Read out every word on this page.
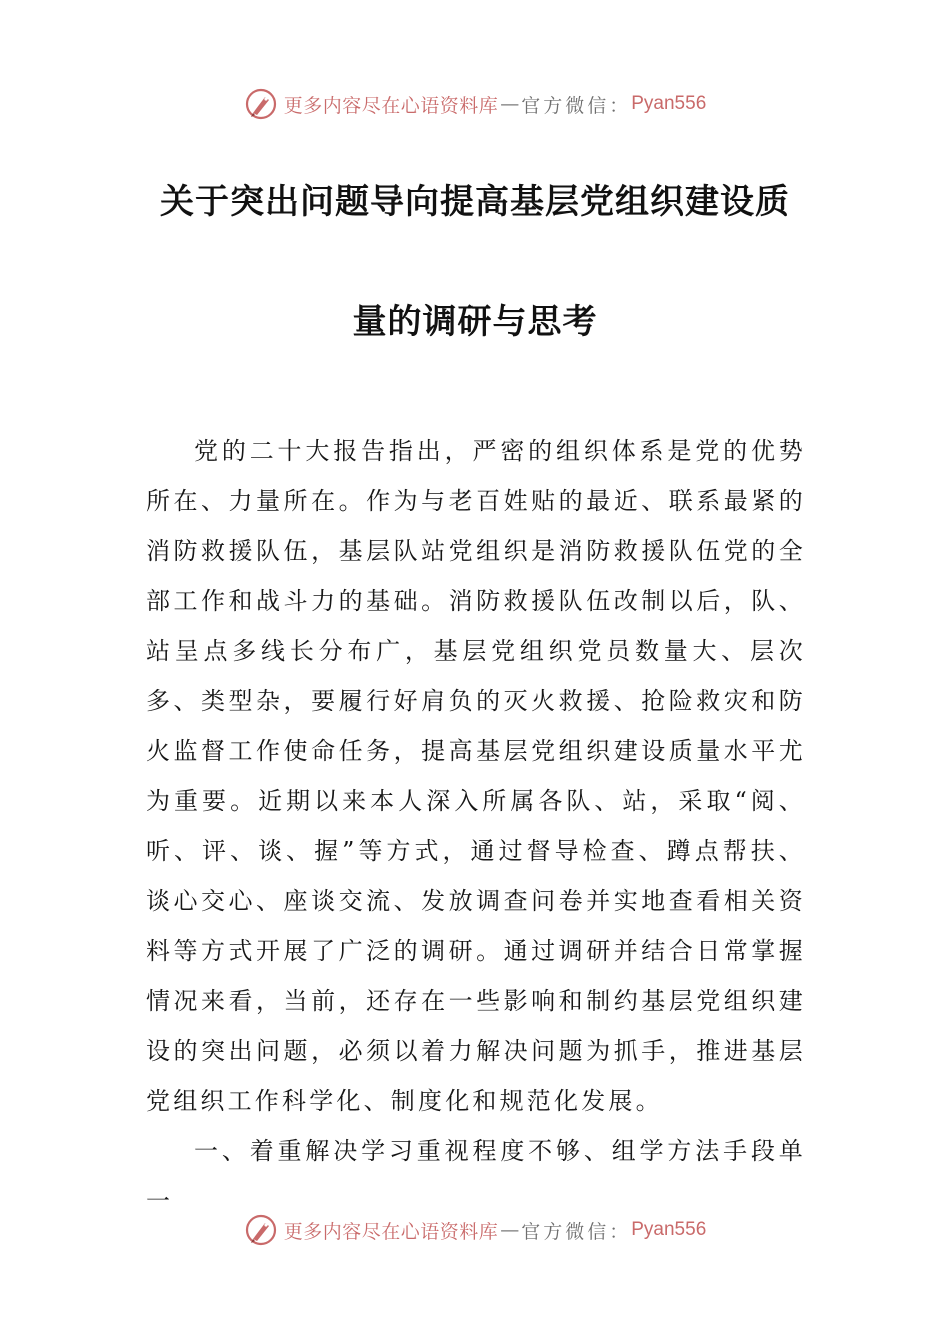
更多内容尽在心语资料库 — 官方微信： Pyan556
关于突出问题导向提高基层党组织建设质
量的调研与思考

党的二十大报告指出，严密的组织体系是党的优势所在、力量所在。作为与老百姓贴的最近、联系最紧的消防救援队伍，基层队站党组织是消防救援队伍党的全部工作和战斗力的基础。消防救援队伍改制以后，队、站呈点多线长分布广，基层党组织党员数量大、层次多、类型杂，要履行好肩负的灭火救援、抢险救灾和防火监督工作使命任务，提高基层党组织建设质量水平尤为重要。近期以来本人深入所属各队、站，采取“阅、听、评、谈、握”等方式，通过督导检查、蹲点帮扶、谈心交心、座谈交流、发放调查问卷并实地查看相关资料等方式开展了广泛的调研。通过调研并结合日常掌握情况来看，当前，还存在一些影响和制约基层党组织建设的突出问题，必须以着力解决问题为抓手，推进基层党组织工作科学化、制度化和规范化发展。

一、着重解决学习重视程度不够、组学方法手段单一

更多内容尽在心语资料库 — 官方微信： Pyan556
